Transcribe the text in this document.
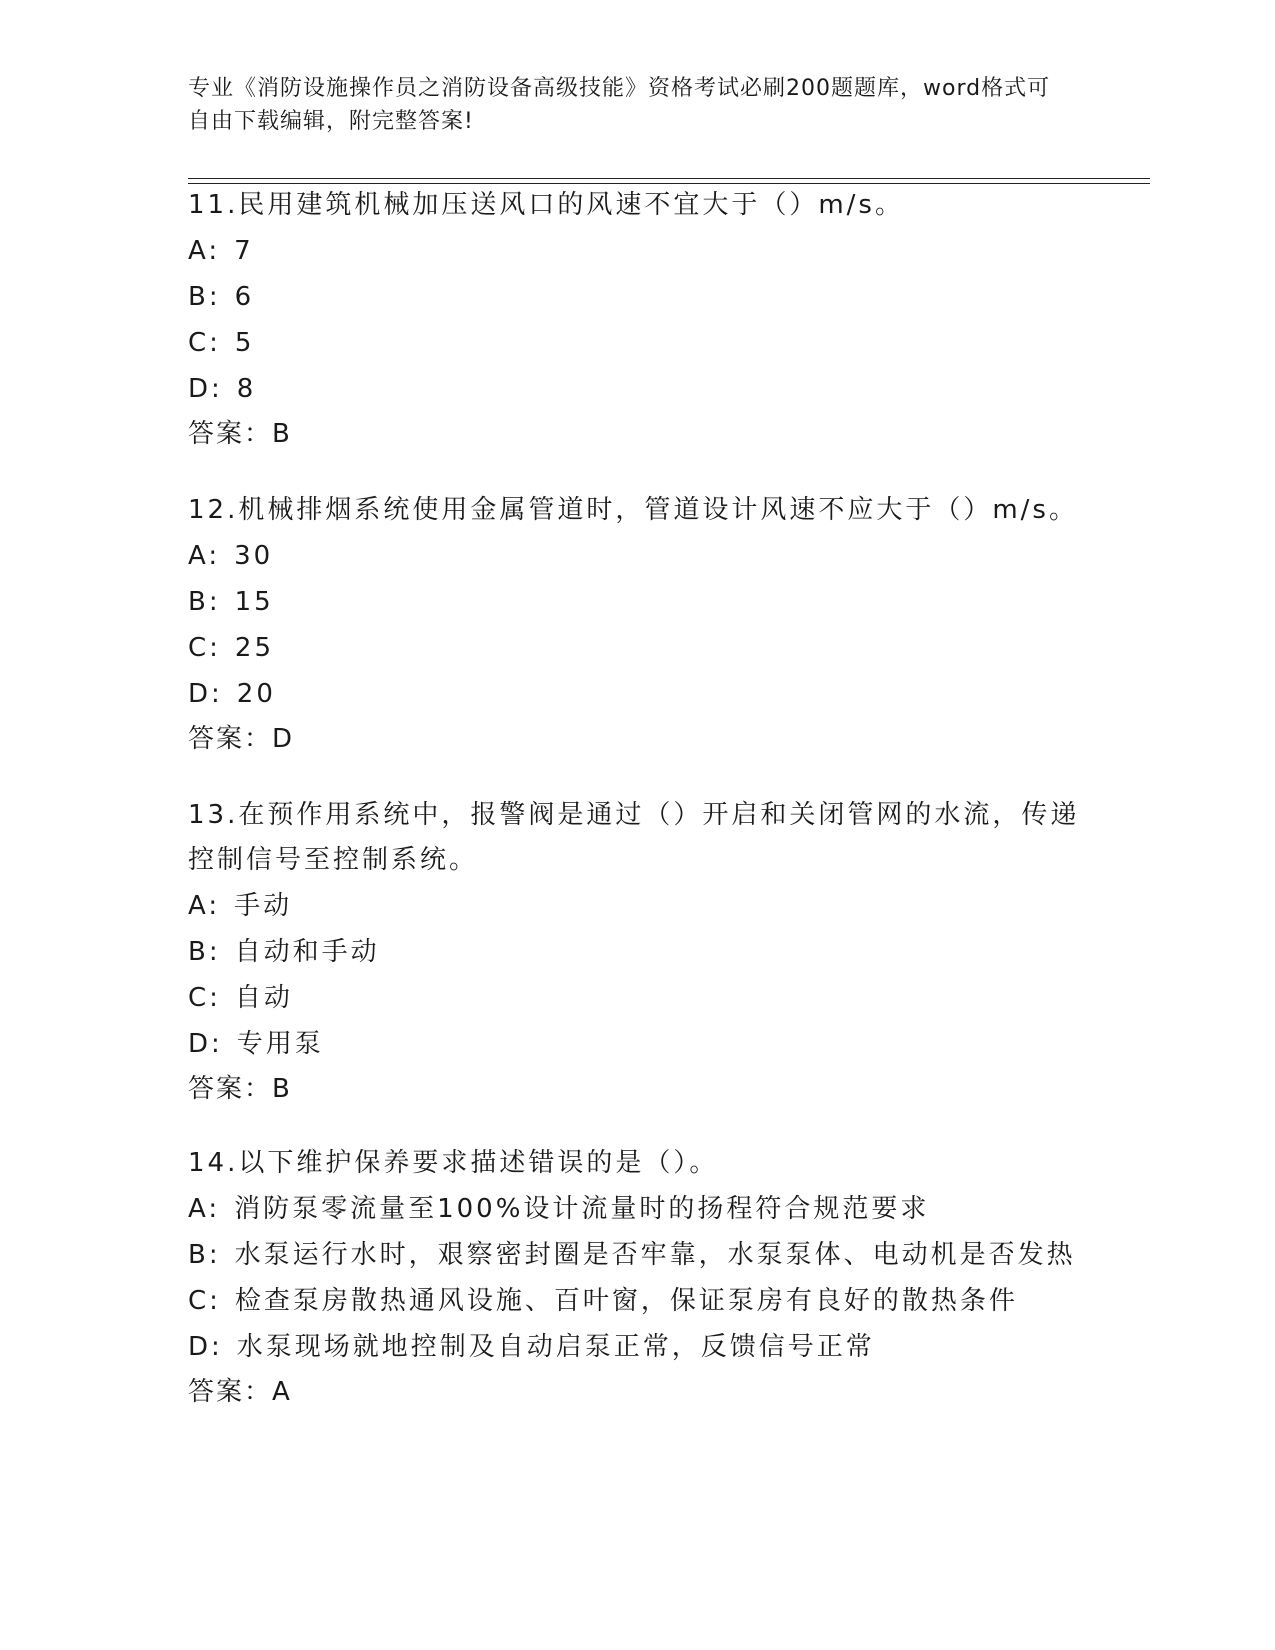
专业《消防设施操作员之消防设备高级技能》资格考试必刷200题题库，word格式可自由下载编辑，附完整答案!

11.民用建筑机械加压送风口的风速不宜大于（）m/s。

A: 7

B: 6

C: 5

D: 8

答案：B

12.机械排烟系统使用金属管道时，管道设计风速不应大于（）m/s。

A: 30

B: 15

C: 25

D: 20

答案：D

13.在预作用系统中，报警阀是通过（）开启和关闭管网的水流，传递控制信号至控制系统。

A: 手动

B: 自动和手动

C: 自动

D: 专用泵

答案：B

14.以下维护保养要求描述错误的是（）。

A: 消防泵零流量至100%设计流量时的扬程符合规范要求

B: 水泵运行水时，艰察密封圈是否牢靠，水泵泵体、电动机是否发热

C: 检查泵房散热通风设施、百叶窗，保证泵房有良好的散热条件

D: 水泵现场就地控制及自动启泵正常，反馈信号正常

答案：A
